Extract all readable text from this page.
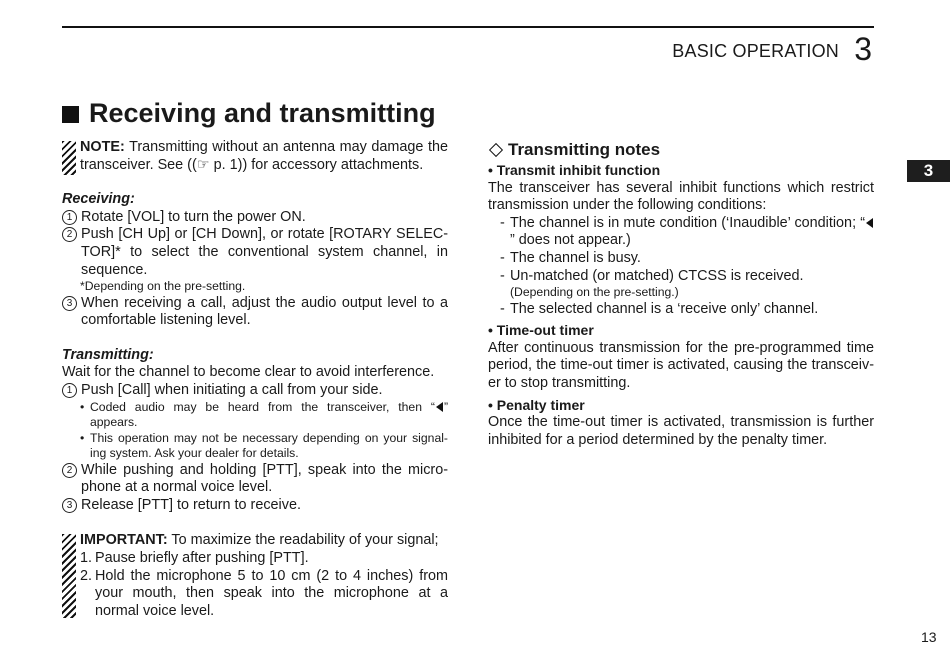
BASIC OPERATION 3
Receiving and transmitting
3
13

NOTE: Transmitting without an antenna may damage the transceiver. See ((☞ p. 1)) for accessory attachments.

Receiving:

1 Rotate [VOL] to turn the power ON.
2 Push [CH Up] or [CH Down], or rotate [ROTARY SELEC-TOR]* to select the conventional system channel, in sequence.

*Depending on the pre-setting.

3 When receiving a call, adjust the audio output level to a comfortable listening level.

Transmitting:

Wait for the channel to become clear to avoid interference.

1 Push [Call] when initiating a call from your side.
• Coded audio may be heard from the transceiver, then “ ” appears.
• This operation may not be necessary depending on your signal-ing system. Ask your dealer for details.
2 While pushing and holding [PTT], speak into the micro-phone at a normal voice level.
3 Release [PTT] to return to receive.

IMPORTANT: To maximize the readability of your signal;

1. Pause briefly after pushing [PTT].
2. Hold the microphone 5 to 10 cm (2 to 4 inches) from your mouth, then speak into the microphone at a normal voice level.
Transmitting notes

• Transmit inhibit function

The transceiver has several inhibit functions which restrict transmission under the following conditions:

- The channel is in mute condition (‘Inaudible’ condition; “” does not appear.)
- The channel is busy.
- Un-matched (or matched) CTCSS is received.

(Depending on the pre-setting.)

- The selected channel is a ‘receive only’ channel.

• Time-out timer

After continuous transmission for the pre-programmed time period, the time-out timer is activated, causing the transceiv-er to stop transmitting.

• Penalty timer

Once the time-out timer is activated, transmission is further inhibited for a period determined by the penalty timer.
